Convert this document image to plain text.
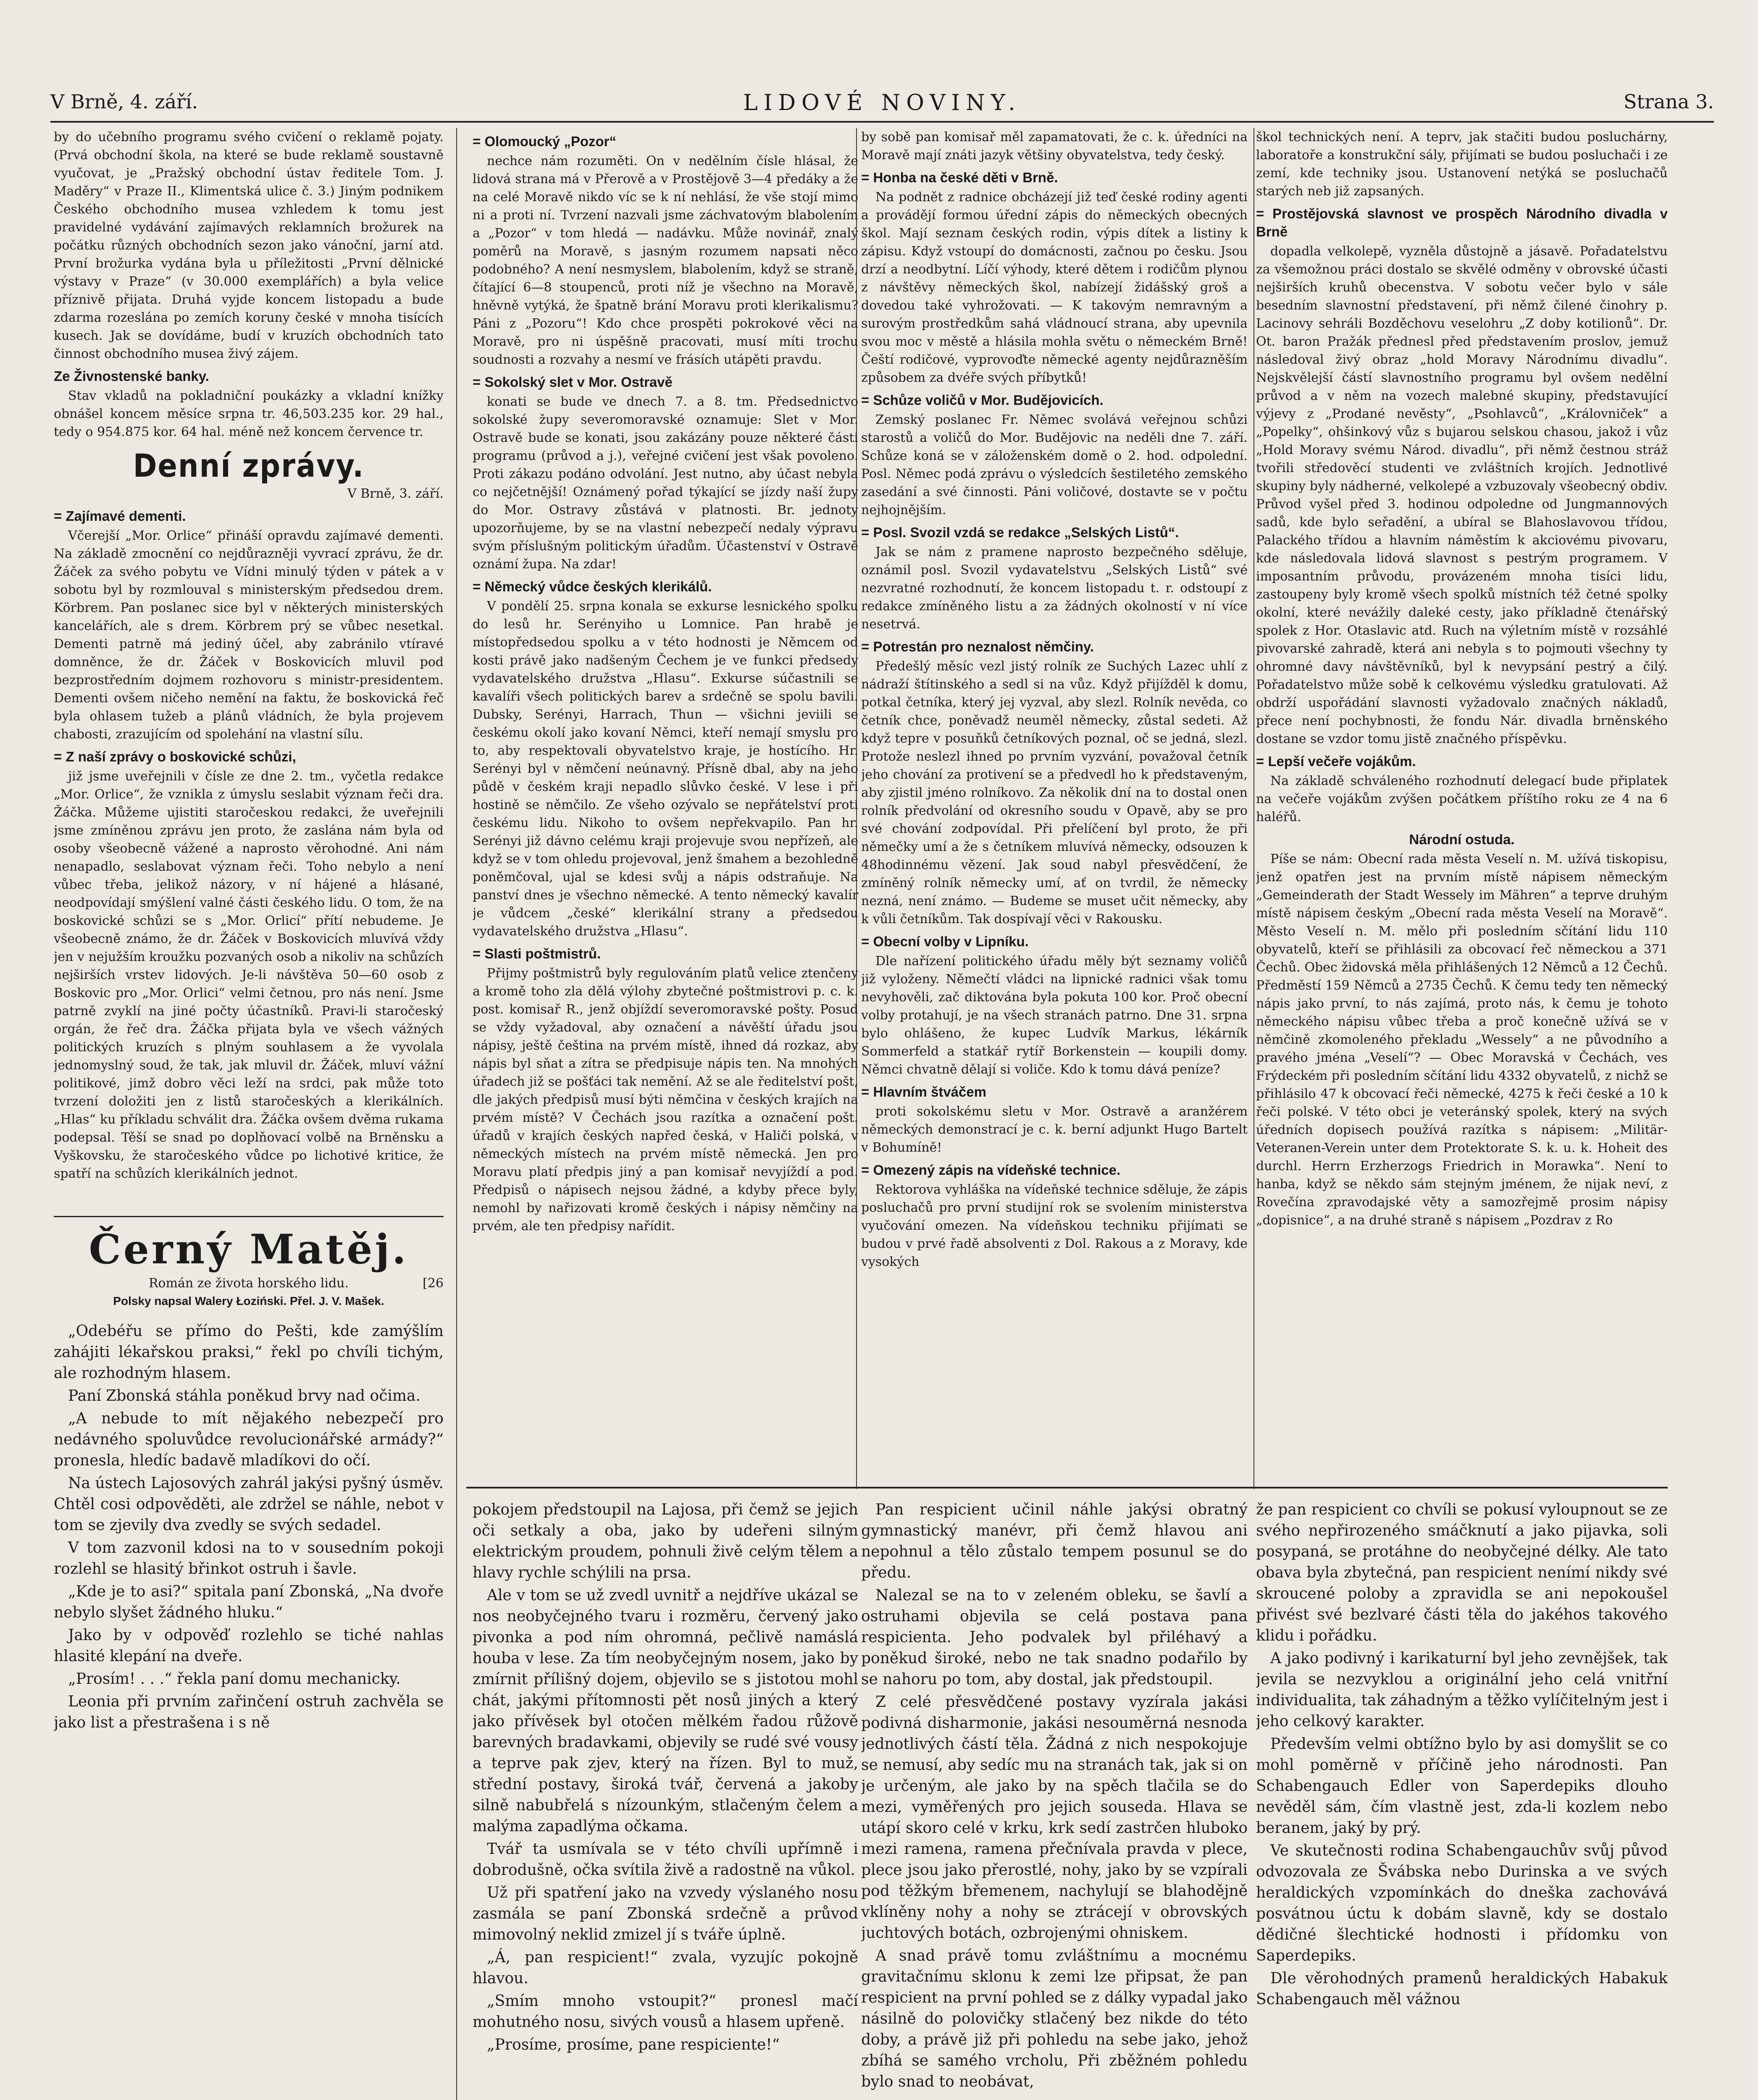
V Brně, 4. září.	LIDOVÉ NOVINY.	Strana 3.

by do učebního programu svého cvičení o reklamě pojaty. (Prvá obchodní škola, na které se bude reklamě soustavně vyučovat, je „Pražský obchodní ústav ředitele Tom. J. Maděry“ v Praze II., Klimentská ulice č. 3.) Jiným podnikem Českého obchodního musea vzhledem k tomu jest pravidelné vydávání zajímavých reklamních brožurek na počátku různých obchodních sezon jako vánoční, jarní atd. První brožurka vydána byla u příležitosti „První dělnické výstavy v Praze“ (v 30.000 exemplářích) a byla velice příznivě přijata. Druhá vyjde koncem listopadu a bude zdarma rozeslána po zemích koruny české v mnoha tisících kusech. Jak se dovídáme, budí v kruzích obchodních tato činnost obchodního musea živý zájem.

Ze Živnostenské banky.

Stav vkladů na pokladniční poukázky a vkladní knížky obnášel koncem měsíce srpna tr. 46,503.235 kor. 29 hal., tedy o 954.875 kor. 64 hal. méně než koncem července tr.

Denní zprávy.
V Brně, 3. září.

= Zajímavé dementi.

Včerejší „Mor. Orlice“ přináší opravdu zajímavé dementi. Na základě zmocnění co nejdůrazněji vyvrací zprávu, že dr. Žáček za svého pobytu ve Vídni minulý týden v pátek a v sobotu byl by rozmlouval s ministerským předsedou drem. Körbrem. Pan poslanec sice byl v některých ministerských kancelářích, ale s drem. Körbrem prý se vůbec nesetkal. Dementi patrně má jediný účel, aby zabránilo vtíravé domněnce, že dr. Žáček v Boskovicích mluvil pod bezprostředním dojmem rozhovoru s ministr-presidentem. Dementi ovšem ničeho nemění na faktu, že boskovická řeč byla ohlasem tužeb a plánů vládních, že byla projevem chabosti, zrazujícím od spolehání na vlastní sílu.

= Z naší zprávy o boskovické schůzi,

již jsme uveřejnili v čísle ze dne 2. tm., vyčetla redakce „Mor. Orlice“, že vznikla z úmyslu seslabit význam řeči dra. Žáčka. Můžeme ujistiti staročeskou redakci, že uveřejnili jsme zmíněnou zprávu jen proto, že zaslána nám byla od osoby všeobecně vážené a naprosto věrohodné. Ani nám nenapadlo, seslabovat význam řeči. Toho nebylo a není vůbec třeba, jelikož názory, v ní hájené a hlásané, neodpovídají smýšlení valné části českého lidu. O tom, že na boskovické schůzi se s „Mor. Orlicí“ přítí nebudeme. Je všeobecně známo, že dr. Žáček v Boskovicích mluvívá vždy jen v nejužším kroužku pozvaných osob a nikoliv na schůzích nejširších vrstev lidových. Je-li návštěva 50—60 osob z Boskovic pro „Mor. Orlici“ velmi četnou, pro nás není. Jsme patrně zvyklí na jiné počty účastníků. Pravi-li staročeský orgán, že řeč dra. Žáčka přijata byla ve všech vážných politických kruzích s plným souhlasem a že vyvolala jednomyslný soud, že tak, jak mluvil dr. Žáček, mluví vážní politikové, jimž dobro věci leží na srdci, pak může toto tvrzení doložiti jen z listů staročeských a klerikálních. „Hlas“ ku příkladu schválit dra. Žáčka ovšem dvěma rukama podepsal. Těší se snad po doplňovací volbě na Brněnsku a Vyškovsku, že staročeského vůdce po lichotivé kritice, že spatří na schůzích klerikálních jednot.

Černý Matěj.
Román ze života horského lidu.	[26
Polsky napsal Walery Łoziński. Přel. J. V. Mašek.

„Odebéřu se přímo do Pešti, kde zamýšlím zahájiti lékařskou praksi,“ řekl po chvíli tichým, ale rozhodným hlasem.

Paní Zbonská stáhla poněkud brvy nad očima.

„A nebude to mít nějakého nebezpečí pro nedávného spoluvůdce revolucionářské armády?“ pronesla, hledíc badavě mladíkovi do očí.

Na ústech Lajosových zahrál jakýsi pyšný úsměv. Chtěl cosi odpověděti, ale zdržel se náhle, nebot v tom se zjevily dva zvedly se svých sedadel.

V tom zazvonil kdosi na to v sousedním pokoji rozlehl se hlasitý břinkot ostruh i šavle.

„Kde je to asi?“ spitala paní Zbonská, „Na dvoře nebylo slyšet žádného hluku.“

Jako by v odpověď rozlehlo se tiché nahlas hlasité klepání na dveře.

„Prosím! . . .“ řekla paní domu mechanicky.

Leonia při prvním zařinčení ostruh zachvěla se jako list a přestrašena i s ně

= Olomoucký „Pozor“

nechce nám rozuměti. On v nedělním čísle hlásal, že lidová strana má v Přerově a v Prostějově 3—4 předáky a že na celé Moravě nikdo víc se k ní nehlásí, že vše stojí mimo ni a proti ní. Tvrzení nazvali jsme záchvatovým blabolením a „Pozor“ v tom hledá — nadávku. Může novinář, znalý poměrů na Moravě, s jasným rozumem napsati něco podobného? A není nesmyslem, blabolením, když se straně, čítající 6—8 stoupenců, proti níž je všechno na Moravě, hněvně vytýká, že špatně brání Moravu proti klerikalismu? Páni z „Pozoru“! Kdo chce prospěti pokrokové věci na Moravě, pro ni úspěšně pracovati, musí míti trochu soudnosti a rozvahy a nesmí ve frásích utápěti pravdu.

= Sokolský slet v Mor. Ostravě

konati se bude ve dnech 7. a 8. tm. Předsednictvo sokolské župy severomoravské oznamuje: Slet v Mor. Ostravě bude se konati, jsou zakázány pouze některé části programu (průvod a j.), veřejné cvičení jest však povoleno. Proti zákazu podáno odvolání. Jest nutno, aby účast nebyla co nejčetnější! Oznámený pořad týkající se jízdy naší župy do Mor. Ostravy zůstává v platnosti. Br. jednoty upozorňujeme, by se na vlastní nebezpečí nedaly výpravu svým příslušným politickým úřadům. Účastenství v Ostravě oznámí župa. Na zdar!

= Německý vůdce českých klerikálů.

V pondělí 25. srpna konala se exkurse lesnického spolku do lesů hr. Serényiho u Lomnice. Pan hrabě je místopředsedou spolku a v této hodnosti je Němcem od kosti právě jako nadšeným Čechem je ve funkci předsedy vydavatelského družstva „Hlasu“. Exkurse súčastnili se kavalíři všech politických barev a srdečně se spolu bavili. Dubsky, Serényi, Harrach, Thun — všichni jeviili se českému okolí jako kovaní Němci, kteří nemají smyslu pro to, aby respektovali obyvatelstvo kraje, je hostícího. Hr. Serényi byl v němčení neúnavný. Přísně dbal, aby na jeho půdě v českém kraji nepadlo slůvko české. V lese i při hostině se němčilo. Ze všeho ozývalo se nepřátelství proti českému lidu. Nikoho to ovšem nepřekvapilo. Pan hr. Serényi již dávno celému kraji projevuje svou nepřízeň, ale když se v tom ohledu projevoval, jenž šmahem a bezohledně poněmčoval, ujal se kdesi svůj a nápis odstraňuje. Na panství dnes je všechno německé. A tento německý kavalír je vůdcem „české“ klerikální strany a předsedou vydavatelského družstva „Hlasu“.

= Slasti poštmistrů.

Přijmy poštmistrů byly regulováním platů velice ztenčeny a kromě toho zla dělá výlohy zbytečné poštmistrovi p. c. k. post. komisař R., jenž objíždí severomoravské pošty. Posud se vždy vyžadoval, aby označení a návěští úřadu jsou nápisy, ještě čeština na prvém místě, ihned dá rozkaz, aby nápis byl sňat a zítra se předpisuje nápis ten. Na mnohých úřadech již se pošťáci tak nemění. Až se ale ředitelství pošt, dle jakých předpisů musí býti němčina v českých krajích na prvém místě? V Čechách jsou razítka a označení pošt. úřadů v krajích českých napřed česká, v Haliči polská, v německých místech na prvém místě německá. Jen pro Moravu platí předpis jiný a pan komisař nevyjíždí a pod. Předpisů o nápisech nejsou žádné, a kdyby přece byly, nemohl by nařizovati kromě českých i nápisy němčiny na prvém, ale ten předpisy nařídit.

by sobě pan komisař měl zapamatovati, že c. k. úředníci na Moravě mají znáti jazyk většiny obyvatelstva, tedy český.

= Honba na české děti v Brně.

Na podnět z radnice obcházejí již teď české rodiny agenti a provádějí formou úřední zápis do německých obecných škol. Mají seznam českých rodin, výpis dítek a listiny k zápisu. Když vstoupí do domácnosti, začnou po česku. Jsou drzí a neodbytní. Líčí výhody, které dětem i rodičům plynou z návštěvy německých škol, nabízejí židášský groš a dovedou také vyhrožovati. — K takovým nemravným a surovým prostředkům sahá vládnoucí strana, aby upevnila svou moc v městě a hlásila mohla světu o německém Brně! Čeští rodičové, vyprovoďte německé agenty nejdůrazněším způsobem za dvéře svých příbytků!

= Schůze voličů v Mor. Budějovicích.

Zemský poslanec Fr. Němec svolává veřejnou schůzi starostů a voličů do Mor. Budějovic na neděli dne 7. září. Schůze koná se v záloženském domě o 2. hod. odpolední. Posl. Němec podá zprávu o výsledcích šestiletého zemského zasedání a své činnosti. Páni voličové, dostavte se v počtu nejhojnějším.

= Posl. Svozil vzdá se redakce „Selských Listů“.

Jak se nám z pramene naprosto bezpečného sděluje, oznámil posl. Svozil vydavatelstvu „Selských Listů“ své nezvratné rozhodnutí, že koncem listopadu t. r. odstoupí z redakce zmíněného listu a za žádných okolností v ní více nesetrvá.

= Potrestán pro neznalost němčiny.

Předešlý měsíc vezl jistý rolník ze Suchých Lazec uhlí z nádraží štítinského a sedl si na vůz. Když přijížděl k domu, potkal četníka, který jej vyzval, aby slezl. Rolník nevěda, co četník chce, poněvadž neuměl německy, zůstal sedeti. Až když tepre v posuňků četníkových poznal, oč se jedná, slezl. Protože neslezl ihned po prvním vyzvání, považoval četník jeho chování za protivení se a předvedl ho k představeným, aby zjistil jméno rolníkovo. Za několik dní na to dostal onen rolník předvolání od okresního soudu v Opavě, aby se pro své chování zodpovídal. Při přelíčení byl proto, že při němečky umí a že s četníkem mluvívá německy, odsouzen k 48hodinnému vězení. Jak soud nabyl přesvědčení, že zmíněný rolník německy umí, ať on tvrdil, že německy nezná, není známo. — Budeme se muset učit německy, aby k vůli četníkům. Tak dospívají věci v Rakousku.

= Obecní volby v Lipníku.

Dle nařízení politického úřadu měly být seznamy voličů již vyloženy. Němečtí vládci na lipnické radnici však tomu nevyhověli, zač diktována byla pokuta 100 kor. Proč obecní volby protahují, je na všech stranách patrno. Dne 31. srpna bylo ohlášeno, že kupec Ludvík Markus, lékárník Sommerfeld a statkář rytíř Borkenstein — koupili domy. Němci chvatně dělají si voliče. Kdo k tomu dává peníze?

= Hlavním štváčem

proti sokolskému sletu v Mor. Ostravě a aranžérem německých demonstrací je c. k. berní adjunkt Hugo Bartelt v Bohumíně!

= Omezený zápis na vídeňské technice.

Rektorova vyhláška na vídeňské technice sděluje, že zápis posluchačů pro první studijní rok se svolením ministerstva vyučování omezen. Na vídeňskou techniku přijímati se budou v prvé řadě absolventi z Dol. Rakous a z Moravy, kde vysokých

škol technických není. A teprv, jak stačiti budou posluchárny, laboratoře a konstrukční sály, přijímati se budou posluchači i ze zemí, kde techniky jsou. Ustanovení netýká se posluchačů starých neb již zapsaných.

= Prostějovská slavnost ve prospěch Národního divadla v Brně

dopadla velkolepě, vyzněla důstojně a jásavě. Pořadatelstvu za všemožnou práci dostalo se skvělé odměny v obrovské účasti nejširších kruhů obecenstva. V sobotu večer bylo v sále besedním slavnostní představení, při němž čilené činohry p. Lacinovy sehráli Bozděchovu veselohru „Z doby kotilionů“. Dr. Ot. baron Pražák přednesl před představením proslov, jemuž následoval živý obraz „hold Moravy Národnímu divadlu“. Nejskvělejší částí slavnostního programu byl ovšem nedělní průvod a v něm na vozech malebné skupiny, představující výjevy z „Prodané nevěsty“, „Psohlavců“, „Královniček“ a „Popelky“, ohšinkový vůz s bujarou selskou chasou, jakož i vůz „Hold Moravy svému Národ. divadlu“, při němž čestnou stráž tvořili středověcí studenti ve zvláštních krojích. Jednotlivé skupiny byly nádherné, velkolepé a vzbuzovaly všeobecný obdiv. Průvod vyšel před 3. hodinou odpoledne od Jungmannových sadů, kde bylo seřadění, a ubíral se Blahoslavovou třídou, Palackého třídou a hlavním náměstím k akciovému pivovaru, kde následovala lidová slavnost s pestrým programem. V imposantním průvodu, provázeném mnoha tisíci lidu, zastoupeny byly kromě všech spolků místních též četné spolky okolní, které nevážily daleké cesty, jako příkladně čtenářský spolek z Hor. Otaslavic atd. Ruch na výletním místě v rozsáhlé pivovarské zahradě, která ani nebyla s to pojmouti všechny ty ohromné davy návštěvníků, byl k nevypsání pestrý a čilý. Pořadatelstvo může sobě k celkovému výsledku gratulovati. Až obdrží uspořádání slavnosti vyžadovalo značných nákladů, přece není pochybnosti, že fondu Nár. divadla brněnského dostane se vzdor tomu jistě značného příspěvku.

= Lepší večeře vojákům.

Na základě schváleného rozhodnutí delegací bude připlatek na večeře vojákům zvýšen počátkem příštího roku ze 4 na 6 haléřů.

Národní ostuda.

Píše se nám: Obecní rada města Veselí n. M. užívá tiskopisu, jenž opatřen jest na prvním místě nápisem německým „Gemeinderath der Stadt Wessely im Mähren“ a teprve druhým místě nápisem českým „Obecní rada města Veselí na Moravě“. Město Veselí n. M. mělo při posledním sčítání lidu 110 obyvatelů, kteří se přihlásili za obcovací řeč německou a 371 Čechů. Obec židovská měla přihlášených 12 Němců a 12 Čechů. Předměstí 159 Němců a 2735 Čechů. K čemu tedy ten německý nápis jako první, to nás zajímá, proto nás, k čemu je tohoto německého nápisu vůbec třeba a proč konečně užívá se v němčině zkomoleného překladu „Wessely“ a ne původního a pravého jména „Veselí“? — Obec Moravská v Čechách, ves Frýdeckém při posledním sčítání lidu 4332 obyvatelů, z nichž se přihlásilo 47 k obcovací řeči německé, 4275 k řeči české a 10 k řeči polské. V této obci je veteránský spolek, který na svých úředních dopisech používá razítka s nápisem: „Militär-Veteranen-Verein unter dem Protektorate S. k. u. k. Hoheit des durchl. Herrn Erzherzogs Friedrich in Morawka“. Není to hanba, když se někdo sám stejným jménem, že nijak neví, z Rovečína zpravodajské věty a samozřejmě prosim nápisy „dopisnice“, a na druhé straně s nápisem „Pozdrav z Ro

pokojem předstoupil na Lajosa, při čemž se jejich oči setkaly a oba, jako by udeřeni silným elektrickým proudem, pohnuli živě celým tělem a hlavy rychle schýlili na prsa.

Ale v tom se už zvedl uvnitř a nejdříve ukázal se nos neobyčejného tvaru i rozměru, červený jako pivonka a pod ním ohromná, pečlivě namáslá houba v lese. Za tím neobyčejným nosem, jako by zmírnit přílišný dojem, objevilo se s jistotou mohl chát, jakými přítomnosti pět nosů jiných a který jako přívěsek byl otočen mělkém řadou růžově barevných bradavkami, objevily se rudé své vousy a teprve pak zjev, který na řízen. Byl to muž, střední postavy, široká tvář, červená a jakoby silně nabubřelá s nízounkým, stlačeným čelem a malýma zapadlýma očkama.

Tvář ta usmívala se v této chvíli upřímně i dobrodušně, očka svítila živě a radostně na vůkol.

Už při spatření jako na vzvedy výslaného nosu zasmála se paní Zbonská srdečně a průvod mimovolný neklid zmizel jí s tváře úplně.

„Á, pan respicient!“ zvala, vyzujíc pokojně hlavou.

„Smím mnoho vstoupit?“ pronesl mačí mohutného nosu, sivých vousů a hlasem upřeně.

„Prosíme, prosíme, pane respiciente!“

Pan respicient učinil náhle jakýsi obratný gymnastický manévr, při čemž hlavou ani nepohnul a tělo zůstalo tempem posunul se do předu.

Nalezal se na to v zeleném obleku, se šavlí a ostruhami objevila se celá postava pana respicienta. Jeho podvalek byl přiléhavý a poněkud široké, nebo ne tak snadno podařilo by se nahoru po tom, aby dostal, jak předstoupil.

Z celé přesvědčené postavy vyzírala jakási podivná disharmonie, jakási nesouměrná nesnoda jednotlivých částí těla. Žádná z nich nespokojuje se nemusí, aby sedíc mu na stranách tak, jak si on je určeným, ale jako by na spěch tlačila se do mezi, vyměřených pro jejich souseda. Hlava se utápí skoro celé v krku, krk sedí zastrčen hluboko mezi ramena, ramena přečnívala pravda v plece, plece jsou jako přerostlé, nohy, jako by se vzpírali pod těžkým břemenem, nachylují se blahodějně vklíněny nohy a nohy se ztrácejí v obrovských juchtových botách, ozbrojenými ohniskem.

A snad právě tomu zvláštnímu a mocnému gravitačnímu sklonu k zemi lze připsat, že pan respicient na první pohled se z dálky vypadal jako násilně do polovičky stlačený bez nikde do této doby, a právě již při pohledu na sebe jako, jehož zbíhá se samého vrcholu, Při zběžném pohledu bylo snad to neobávat,

že pan respicient co chvíli se pokusí vyloupnout se ze svého nepřirozeného smáčknutí a jako pijavka, soli posypaná, se protáhne do neobyčejné délky. Ale tato obava byla zbytečná, pan respicient nenímí nikdy své skroucené poloby a zpravidla se ani nepokoušel přivést své bezlvaré části těla do jakéhos takového klidu i pořádku.

A jako podivný i karikaturní byl jeho zevnějšek, tak jevila se nezvyklou a originální jeho celá vnitřní individualita, tak záhadným a těžko vylíčitelným jest i jeho celkový karakter.

Především velmi obtížno bylo by asi domyšlit se co mohl poměrně v příčině jeho národnosti. Pan Schabengauch Edler von Saperdepiks dlouho nevěděl sám, čím vlastně jest, zda-li kozlem nebo beranem, jaký by prý.

Ve skutečnosti rodina Schabengauchův svůj původ odvozovala ze Švábska nebo Durinska a ve svých heraldických vzpomínkách do dneška zachovává posvátnou úctu k dobám slavně, kdy se dostalo dědičné šlechtické hodnosti i přídomku von Saperdepiks.

Dle věrohodných pramenů heraldických Habakuk Schabengauch měl vážnou
